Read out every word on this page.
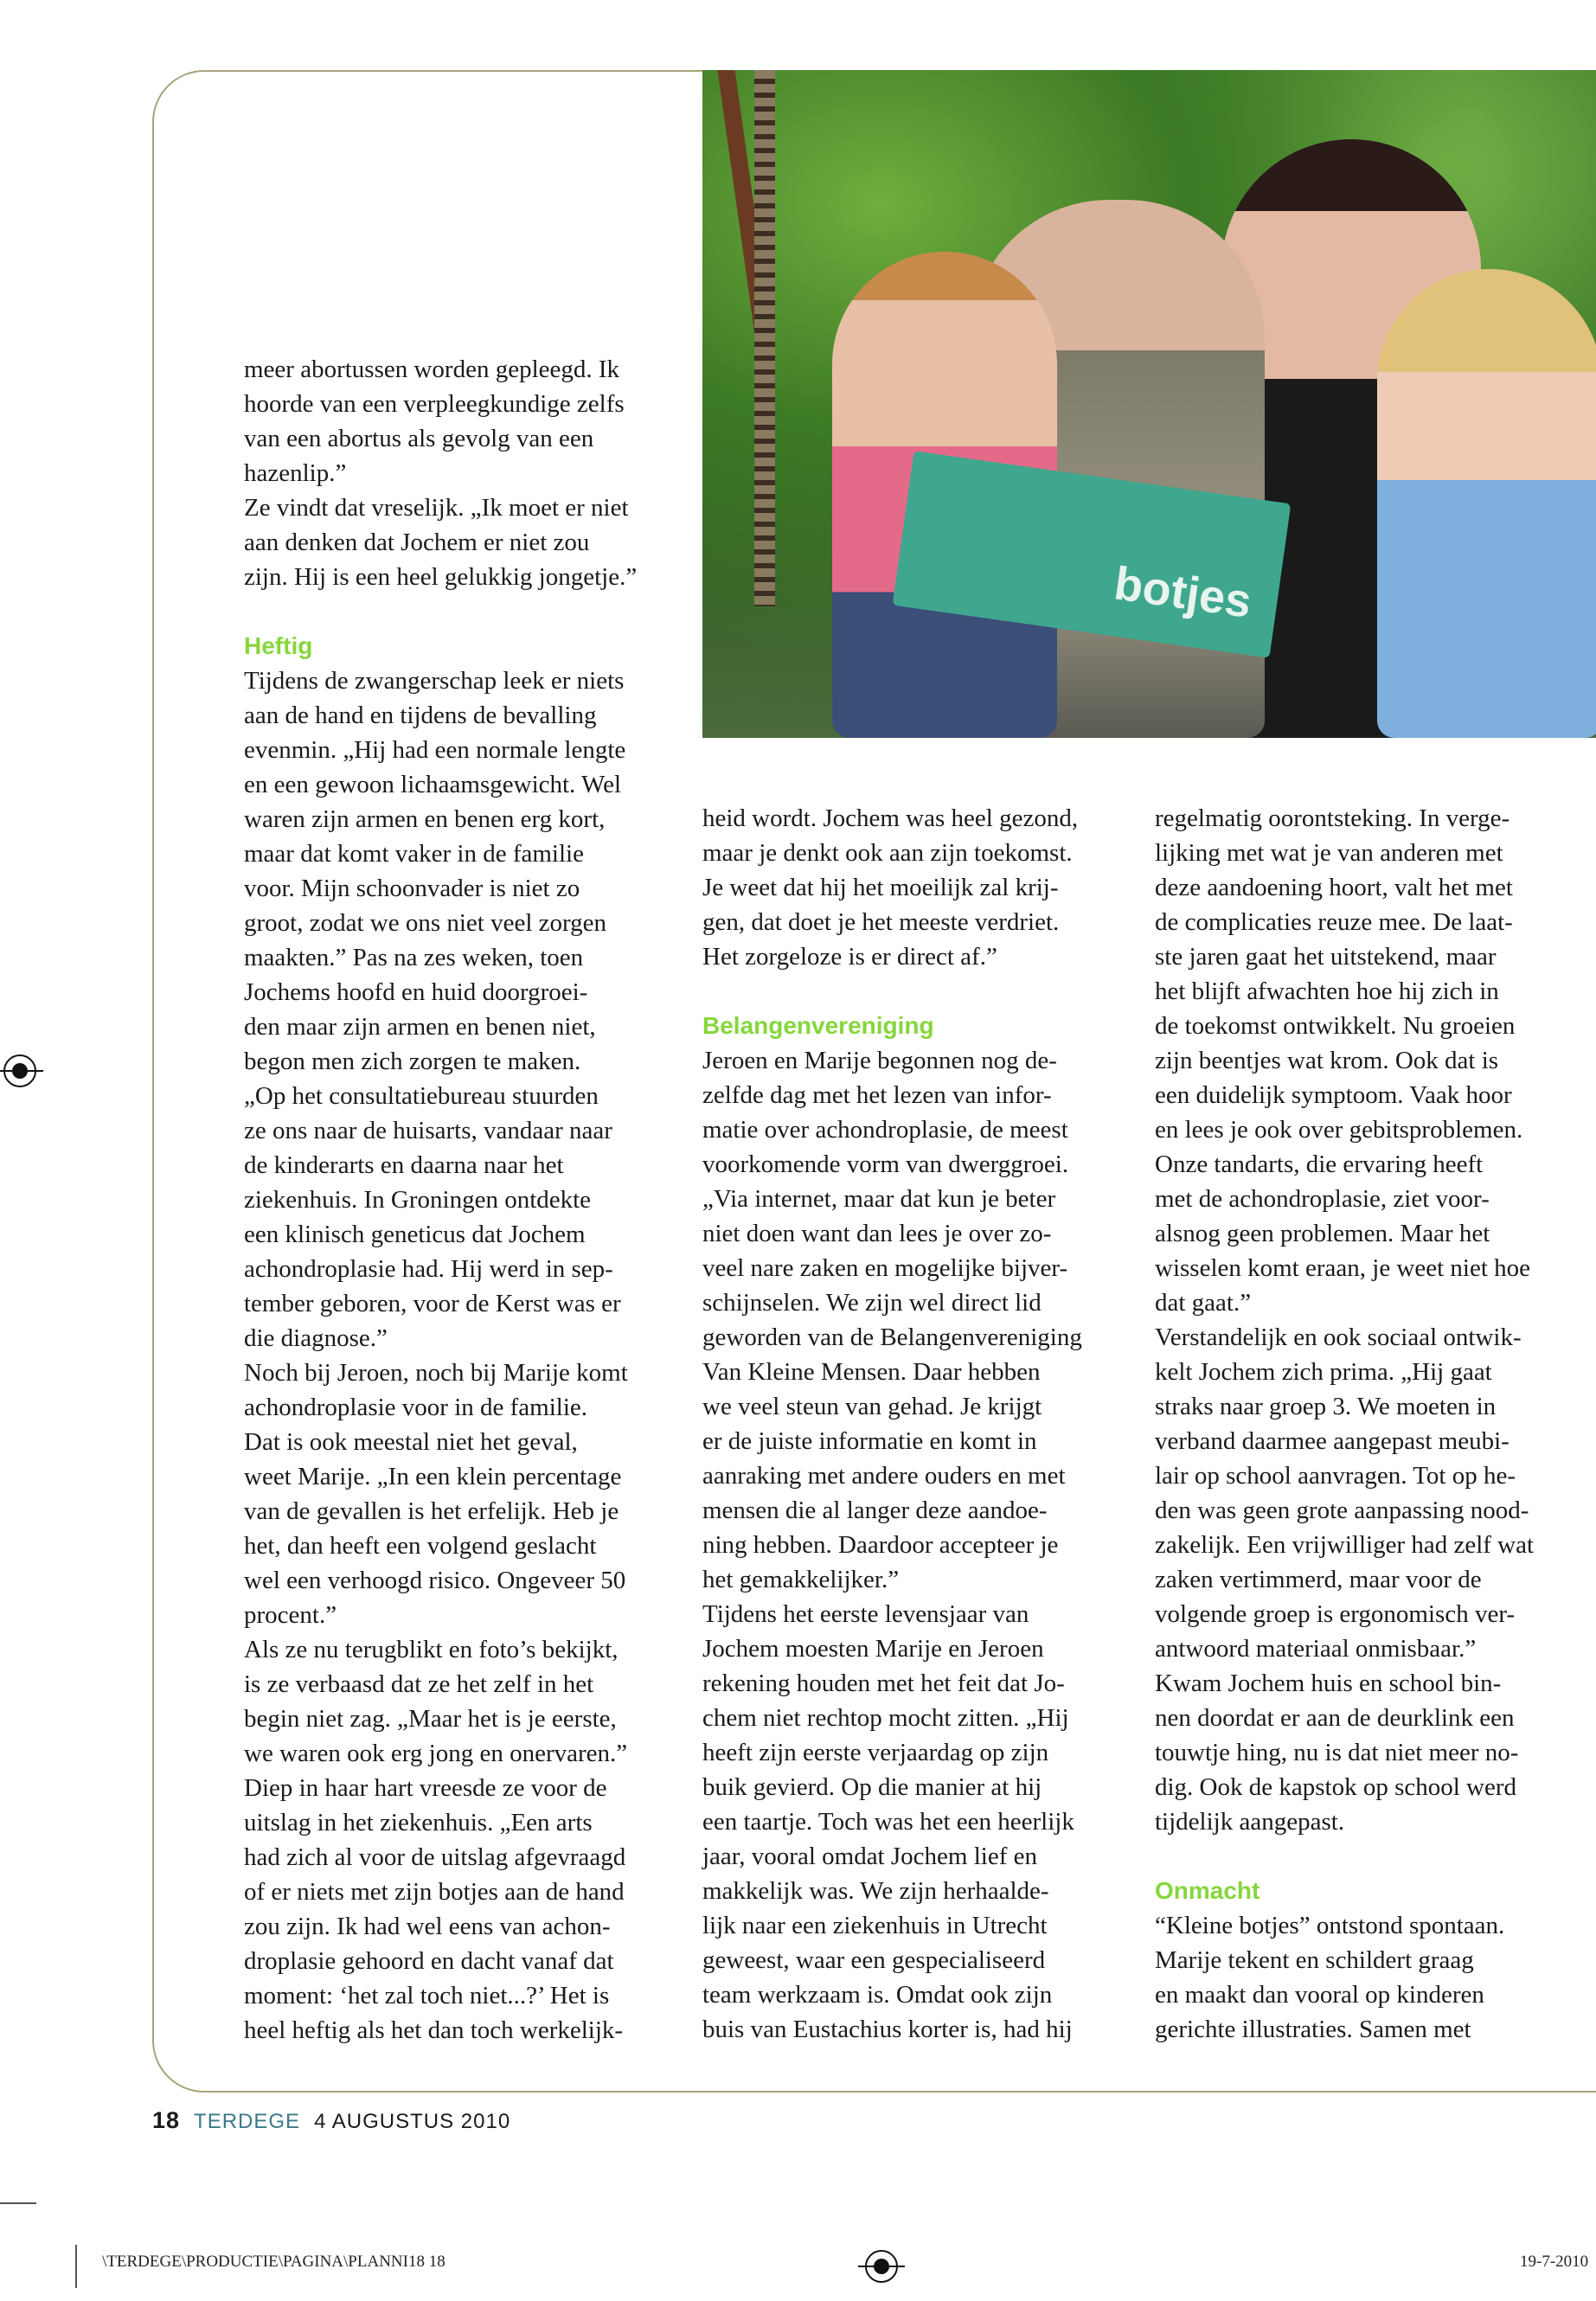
botjes
meer abortussen worden gepleegd. Ik
hoorde van een verpleegkundige zelfs
van een abortus als gevolg van een
hazenlip.”
Ze vindt dat vreselijk. „Ik moet er niet
aan denken dat Jochem er niet zou
zijn. Hij is een heel gelukkig jongetje.”
Heftig
Tijdens de zwangerschap leek er niets
aan de hand en tijdens de bevalling
evenmin. „Hij had een normale lengte
en een gewoon lichaamsgewicht. Wel
waren zijn armen en benen erg kort,
maar dat komt vaker in de familie
voor. Mijn schoonvader is niet zo
groot, zodat we ons niet veel zorgen
maakten.” Pas na zes weken, toen
Jochems hoofd en huid doorgroei-
den maar zijn armen en benen niet,
begon men zich zorgen te maken.
„Op het consultatiebureau stuurden
ze ons naar de huisarts, vandaar naar
de kinderarts en daarna naar het
ziekenhuis. In Groningen ontdekte
een klinisch geneticus dat Jochem
achondroplasie had. Hij werd in sep-
tember geboren, voor de Kerst was er
die diagnose.”
Noch bij Jeroen, noch bij Marije komt
achondroplasie voor in de familie.
Dat is ook meestal niet het geval,
weet Marije. „In een klein percentage
van de gevallen is het erfelijk. Heb je
het, dan heeft een volgend geslacht
wel een verhoogd risico. Ongeveer 50
procent.”
Als ze nu terugblikt en foto’s bekijkt,
is ze verbaasd dat ze het zelf in het
begin niet zag. „Maar het is je eerste,
we waren ook erg jong en onervaren.”
Diep in haar hart vreesde ze voor de
uitslag in het ziekenhuis. „Een arts
had zich al voor de uitslag afgevraagd
of er niets met zijn botjes aan de hand
zou zijn. Ik had wel eens van achon-
droplasie gehoord en dacht vanaf dat
moment: ‘het zal toch niet...?’ Het is
heel heftig als het dan toch werkelijk-
heid wordt. Jochem was heel gezond,
maar je denkt ook aan zijn toekomst.
Je weet dat hij het moeilijk zal krij-
gen, dat doet je het meeste verdriet.
Het zorgeloze is er direct af.”
Belangenvereniging
Jeroen en Marije begonnen nog de-
zelfde dag met het lezen van infor-
matie over achondroplasie, de meest
voorkomende vorm van dwerggroei.
„Via internet, maar dat kun je beter
niet doen want dan lees je over zo-
veel nare zaken en mogelijke bijver-
schijnselen. We zijn wel direct lid
geworden van de Belangenvereniging
Van Kleine Mensen. Daar hebben
we veel steun van gehad. Je krijgt
er de juiste informatie en komt in
aanraking met andere ouders en met
mensen die al langer deze aandoe-
ning hebben. Daardoor accepteer je
het gemakkelijker.”
Tijdens het eerste levensjaar van
Jochem moesten Marije en Jeroen
rekening houden met het feit dat Jo-
chem niet rechtop mocht zitten. „Hij
heeft zijn eerste verjaardag op zijn
buik gevierd. Op die manier at hij
een taartje. Toch was het een heerlijk
jaar, vooral omdat Jochem lief en
makkelijk was. We zijn herhaalde-
lijk naar een ziekenhuis in Utrecht
geweest, waar een gespecialiseerd
team werkzaam is. Omdat ook zijn
buis van Eustachius korter is, had hij
regelmatig oorontsteking. In verge-
lijking met wat je van anderen met
deze aandoening hoort, valt het met
de complicaties reuze mee. De laat-
ste jaren gaat het uitstekend, maar
het blijft afwachten hoe hij zich in
de toekomst ontwikkelt. Nu groeien
zijn beentjes wat krom. Ook dat is
een duidelijk symptoom. Vaak hoor
en lees je ook over gebitsproblemen.
Onze tandarts, die ervaring heeft
met de achondroplasie, ziet voor-
alsnog geen problemen. Maar het
wisselen komt eraan, je weet niet hoe
dat gaat.”
Verstandelijk en ook sociaal ontwik-
kelt Jochem zich prima. „Hij gaat
straks naar groep 3. We moeten in
verband daarmee aangepast meubi-
lair op school aanvragen. Tot op he-
den was geen grote aanpassing nood-
zakelijk. Een vrijwilliger had zelf wat
zaken vertimmerd, maar voor de
volgende groep is ergonomisch ver-
antwoord materiaal onmisbaar.”
Kwam Jochem huis en school bin-
nen doordat er aan de deurklink een
touwtje hing, nu is dat niet meer no-
dig. Ook de kapstok op school werd
tijdelijk aangepast.
Onmacht
“Kleine botjes” ontstond spontaan.
Marije tekent en schildert graag
en maakt dan vooral op kinderen
gerichte illustraties. Samen met
18 TERDEGE 4 AUGUSTUS 2010
\TERDEGE\PRODUCTIE\PAGINA\PLANNI18 18	19-7-2010
